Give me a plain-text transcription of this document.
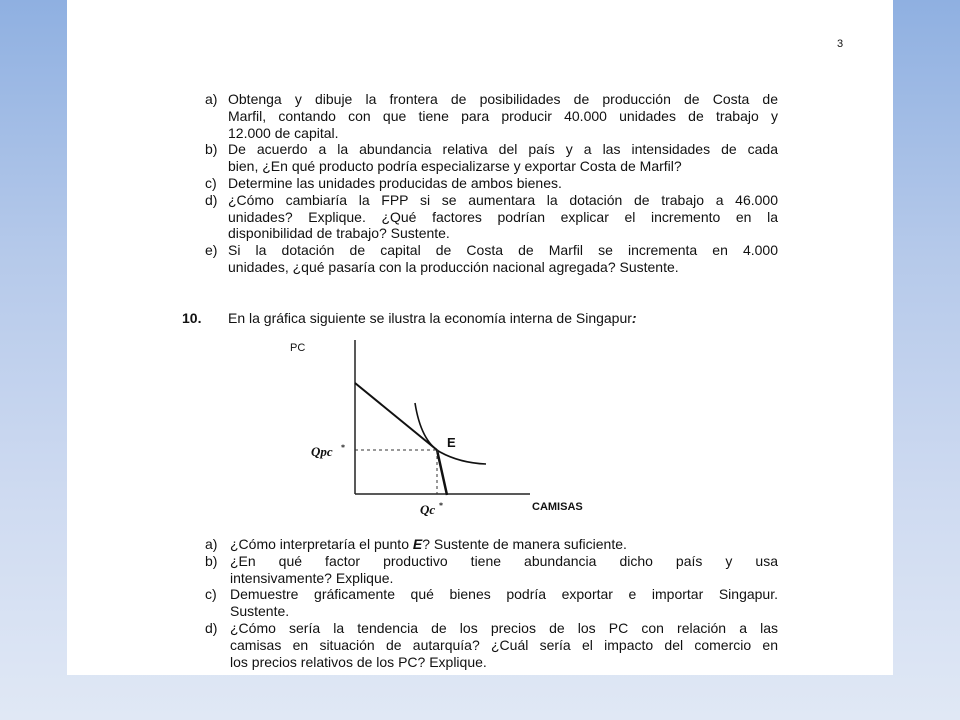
3
a) Obtenga y dibuje la frontera de posibilidades de producción de Costa de
Marfil, contando con que tiene para producir 40.000 unidades de trabajo y
12.000 de capital.
b) De acuerdo a la abundancia relativa del país y a las intensidades de cada
bien, ¿En qué producto podría especializarse y exportar Costa de Marfil?
c) Determine las unidades producidas de ambos bienes.
d) ¿Cómo cambiaría la FPP si se aumentara la dotación de trabajo a 46.000
unidades? Explique. ¿Qué factores podrían explicar el incremento en la
disponibilidad de trabajo? Sustente.
e) Si la dotación de capital de Costa de Marfil se incrementa en 4.000
unidades, ¿qué pasaría con la producción nacional agregada? Sustente.
10. En la gráfica siguiente se ilustra la economía interna de Singapur:
PC
CAMISAS
E
Qpc *
Qc *
a) ¿Cómo interpretaría el punto E? Sustente de manera suficiente.
b) ¿En qué factor productivo tiene abundancia dicho país y usa
intensivamente? Explique.
c) Demuestre gráficamente qué bienes podría exportar e importar Singapur.
Sustente.
d) ¿Cómo sería la tendencia de los precios de los PC con relación a las
camisas en situación de autarquía? ¿Cuál sería el impacto del comercio en
los precios relativos de los PC? Explique.
